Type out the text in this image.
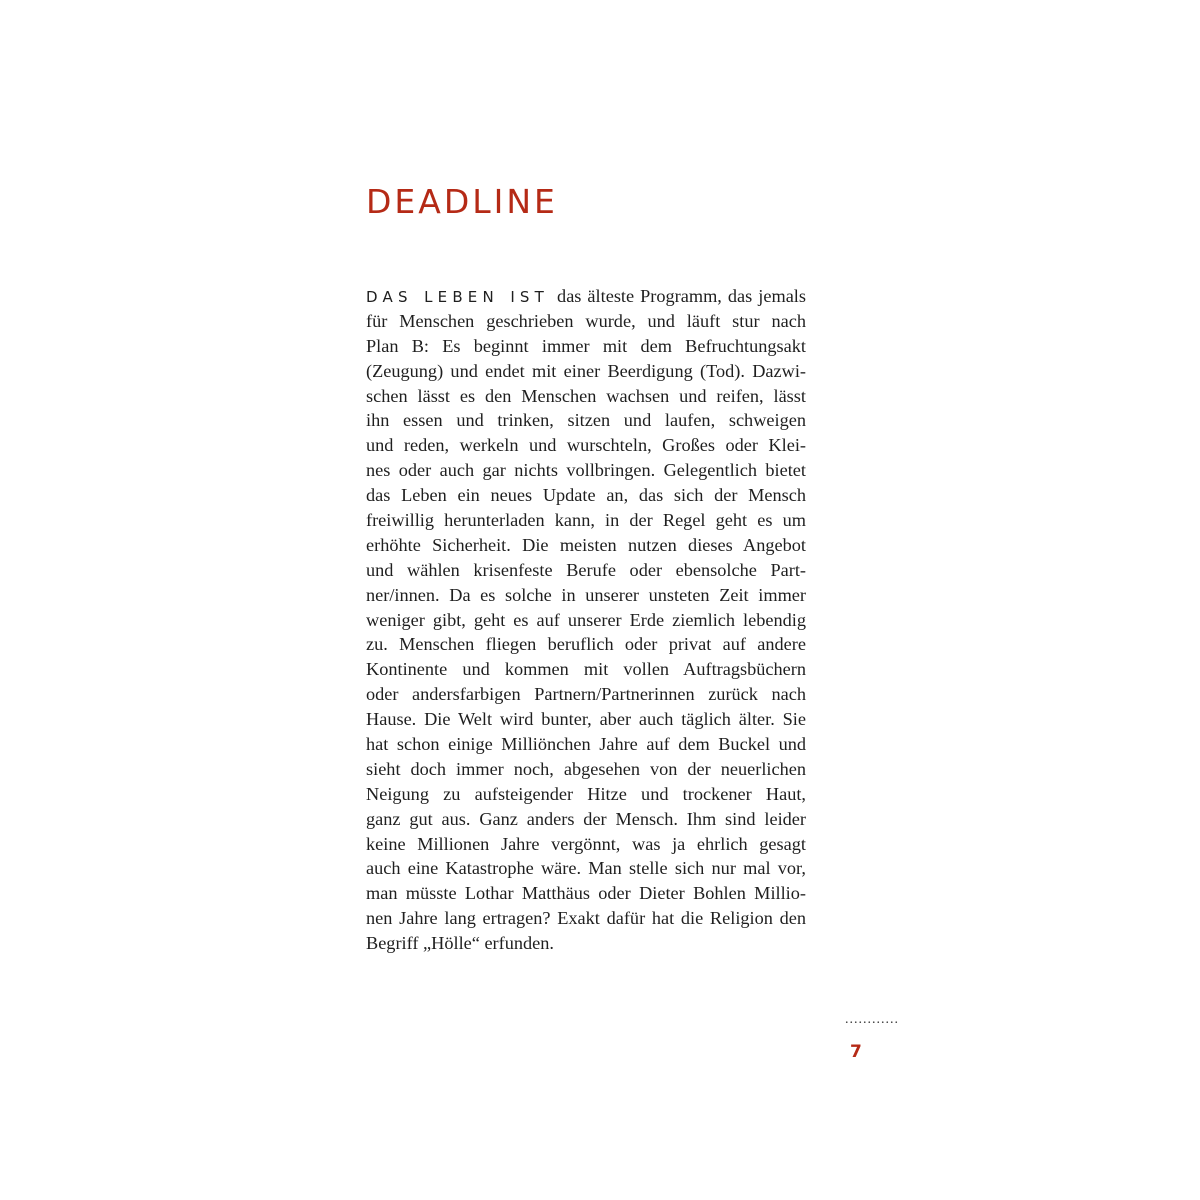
DEADLINE
DAS LEBEN IST das älteste Programm, das jemals
für Menschen geschrieben wurde, und läuft stur nach
Plan B: Es beginnt immer mit dem Befruchtungsakt
(Zeugung) und endet mit einer Beerdigung (Tod). Dazwi-
schen lässt es den Menschen wachsen und reifen, lässt
ihn essen und trinken, sitzen und laufen, schweigen
und reden, werkeln und wurschteln, Großes oder Klei-
nes oder auch gar nichts vollbringen. Gelegentlich bietet
das Leben ein neues Update an, das sich der Mensch
freiwillig herunterladen kann, in der Regel geht es um
erhöhte Sicherheit. Die meisten nutzen dieses Angebot
und wählen krisenfeste Berufe oder ebensolche Part-
ner/innen. Da es solche in unserer unsteten Zeit immer
weniger gibt, geht es auf unserer Erde ziemlich lebendig
zu. Menschen fliegen beruflich oder privat auf andere
Kontinente und kommen mit vollen Auftragsbüchern
oder andersfarbigen Partnern/Partnerinnen zurück nach
Hause. Die Welt wird bunter, aber auch täglich älter. Sie
hat schon einige Milliönchen Jahre auf dem Buckel und
sieht doch immer noch, abgesehen von der neuerlichen
Neigung zu aufsteigender Hitze und trockener Haut,
ganz gut aus. Ganz anders der Mensch. Ihm sind leider
keine Millionen Jahre vergönnt, was ja ehrlich gesagt
auch eine Katastrophe wäre. Man stelle sich nur mal vor,
man müsste Lothar Matthäus oder Dieter Bohlen Millio-
nen Jahre lang ertragen? Exakt dafür hat die Religion den
Begriff „Hölle“ erfunden.
............
7
